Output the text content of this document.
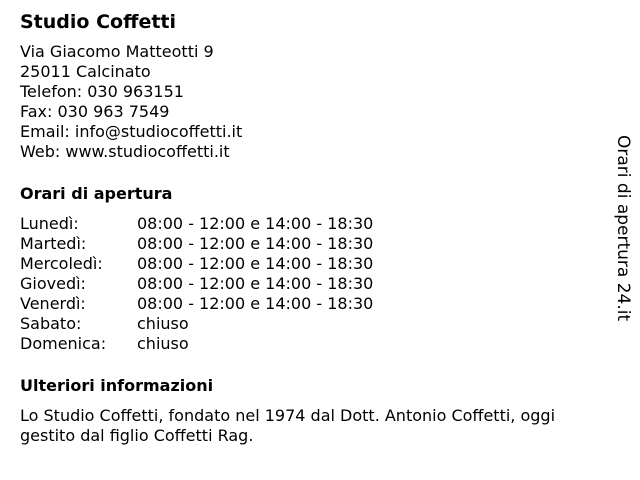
Studio Coffetti
Via Giacomo Matteotti 9
25011 Calcinato
Telefon: 030 963151
Fax: 030 963 7549
Email: info@studiocoffetti.it
Web: www.studiocoffetti.it
Orari di apertura
Lunedì:	08:00 - 12:00 e 14:00 - 18:30
Martedì:	08:00 - 12:00 e 14:00 - 18:30
Mercoledì:	08:00 - 12:00 e 14:00 - 18:30
Giovedì:	08:00 - 12:00 e 14:00 - 18:30
Venerdì:	08:00 - 12:00 e 14:00 - 18:30
Sabato:	chiuso
Domenica:	chiuso
Ulteriori informazioni
Lo Studio Coffetti, fondato nel 1974 dal Dott. Antonio Coffetti, oggi gestito dal figlio Coffetti Rag.
Orari di apertura 24.it
